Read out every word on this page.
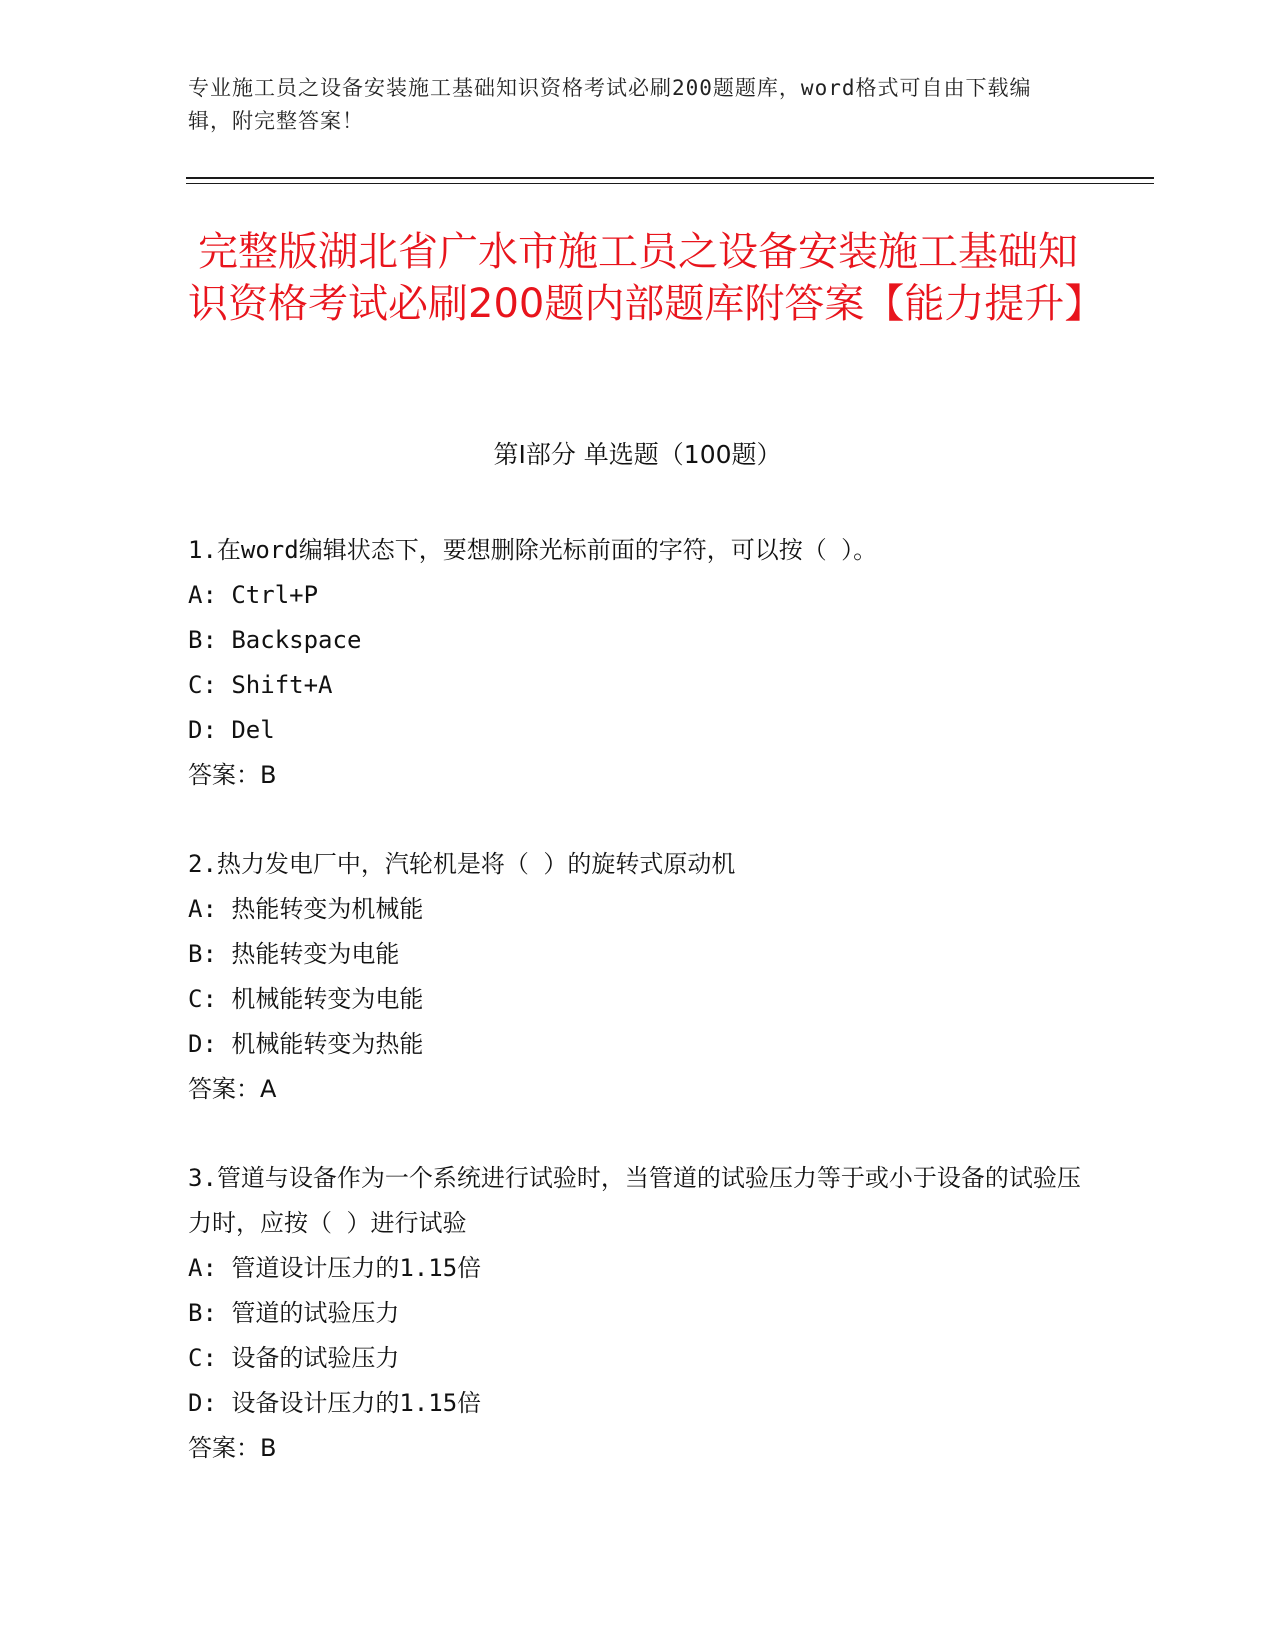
专业施工员之设备安装施工基础知识资格考试必刷200题题库，word格式可自由下载编辑，附完整答案！
完整版湖北省广水市施工员之设备安装施工基础知识资格考试必刷200题内部题库附答案【能力提升】
第I部分 单选题（100题）
1.在word编辑状态下，要想删除光标前面的字符，可以按（ ）。
A: Ctrl+P
B: Backspace
C: Shift+A
D: Del
答案：B
2.热力发电厂中，汽轮机是将（ ）的旋转式原动机
A: 热能转变为机械能
B: 热能转变为电能
C: 机械能转变为电能
D: 机械能转变为热能
答案：A
3.管道与设备作为一个系统进行试验时，当管道的试验压力等于或小于设备的试验压力时，应按（ ）进行试验
A: 管道设计压力的1.15倍
B: 管道的试验压力
C: 设备的试验压力
D: 设备设计压力的1.15倍
答案：B
